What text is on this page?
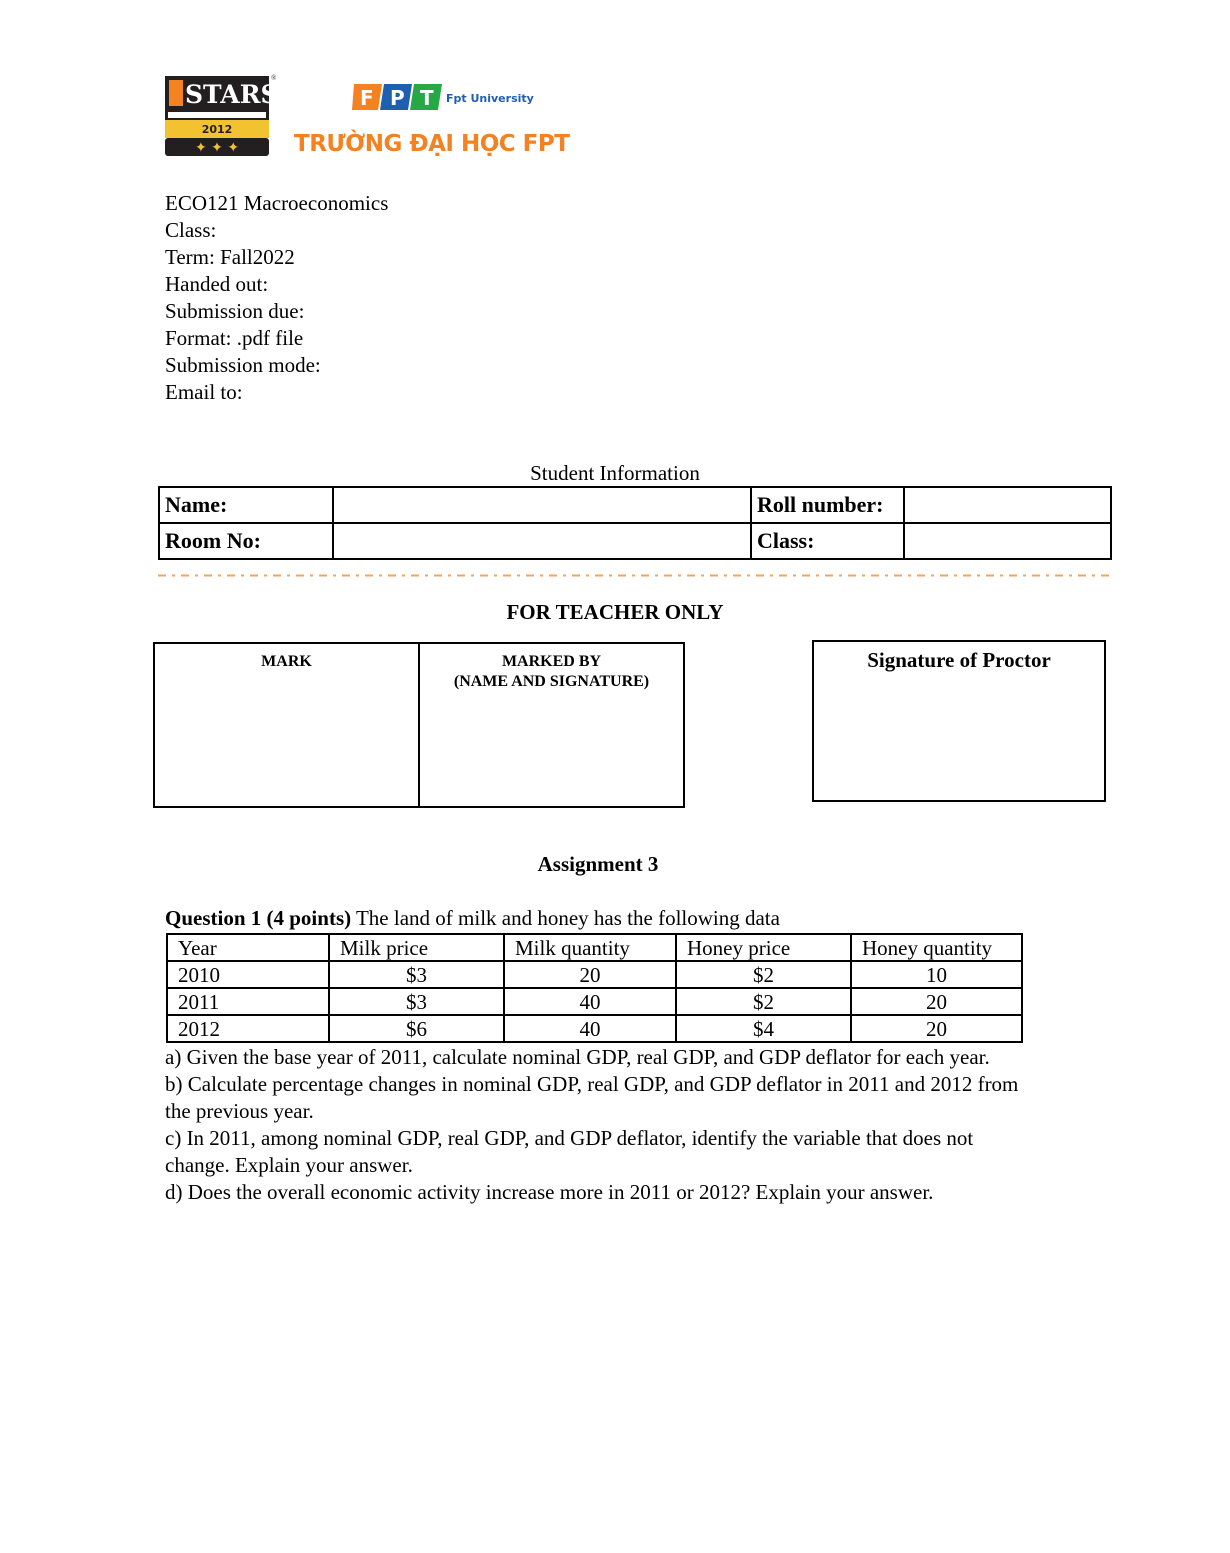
STARS
2012
✦ ✦ ✦
®
F P T Fpt University
TRƯỜNG ĐẠI HỌC FPT
ECO121 Macroeconomics
Class:
Term: Fall2022
Handed out:
Submission due:
Format: .pdf file
Submission mode:
Email to:
Student Information
Name:		Roll number:	
Room No:		Class:	
FOR TEACHER ONLY
MARK	MARKED BY
(NAME AND SIGNATURE)
Signature of Proctor
Assignment 3
Question 1 (4 points) The land of milk and honey has the following data
Year	Milk price	Milk quantity	Honey price	Honey quantity
2010	$3	20	$2	10
2011	$3	40	$2	20
2012	$6	40	$4	20

a) Given the base year of 2011, calculate nominal GDP, real GDP, and GDP deflator for each year.

b) Calculate percentage changes in nominal GDP, real GDP, and GDP deflator in 2011 and 2012 from the previous year.

c) In 2011, among nominal GDP, real GDP, and GDP deflator, identify the variable that does not change. Explain your answer.

d) Does the overall economic activity increase more in 2011 or 2012? Explain your answer.
